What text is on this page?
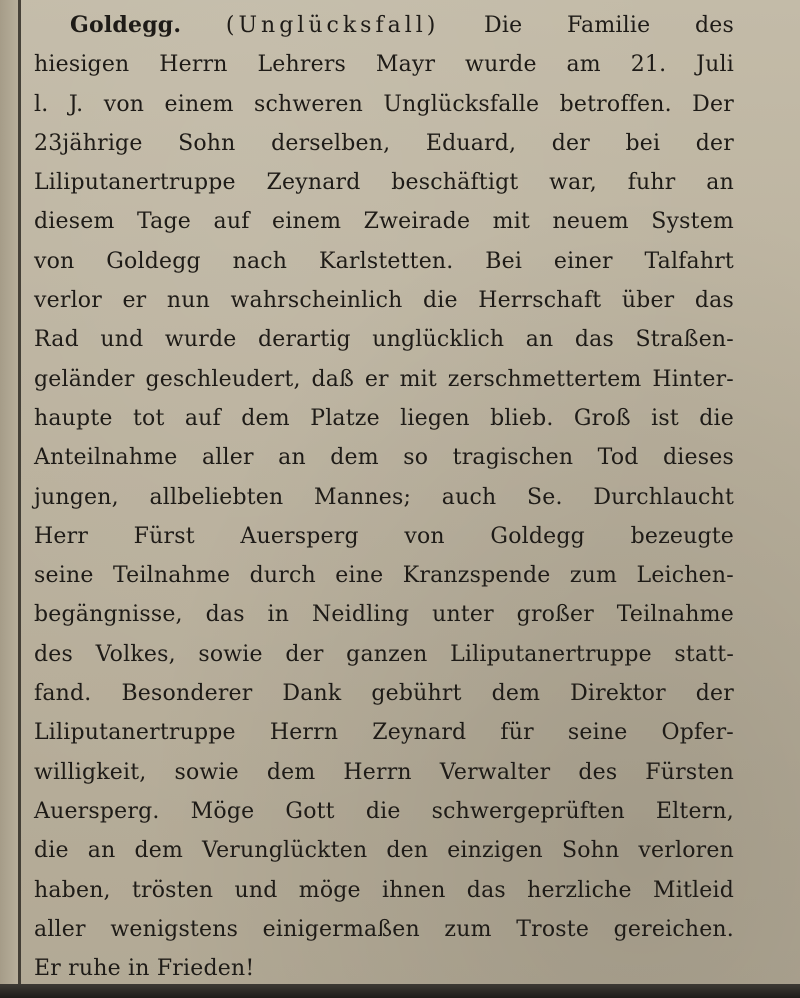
Goldegg. (Unglücksfall) Die Familie des
hiesigen Herrn Lehrers Mayr wurde am 21. Juli
l. J. von einem schweren Unglücksfalle betroffen. Der
23jährige Sohn derselben, Eduard, der bei der
Liliputanertruppe Zeynard beschäftigt war, fuhr an
diesem Tage auf einem Zweirade mit neuem System
von Goldegg nach Karlstetten. Bei einer Talfahrt
verlor er nun wahrscheinlich die Herrschaft über das
Rad und wurde derartig unglücklich an das Straßen-
geländer geschleudert, daß er mit zerschmettertem Hinter-
haupte tot auf dem Platze liegen blieb. Groß ist die
Anteilnahme aller an dem so tragischen Tod dieses
jungen, allbeliebten Mannes; auch Se. Durchlaucht
Herr Fürst Auersperg von Goldegg bezeugte
seine Teilnahme durch eine Kranzspende zum Leichen-
begängnisse, das in Neidling unter großer Teilnahme
des Volkes, sowie der ganzen Liliputanertruppe statt-
fand. Besonderer Dank gebührt dem Direktor der
Liliputanertruppe Herrn Zeynard für seine Opfer-
willigkeit, sowie dem Herrn Verwalter des Fürsten
Auersperg. Möge Gott die schwergeprüften Eltern,
die an dem Verunglückten den einzigen Sohn verloren
haben, trösten und möge ihnen das herzliche Mitleid
aller wenigstens einigermaßen zum Troste gereichen.
Er ruhe in Frieden!
